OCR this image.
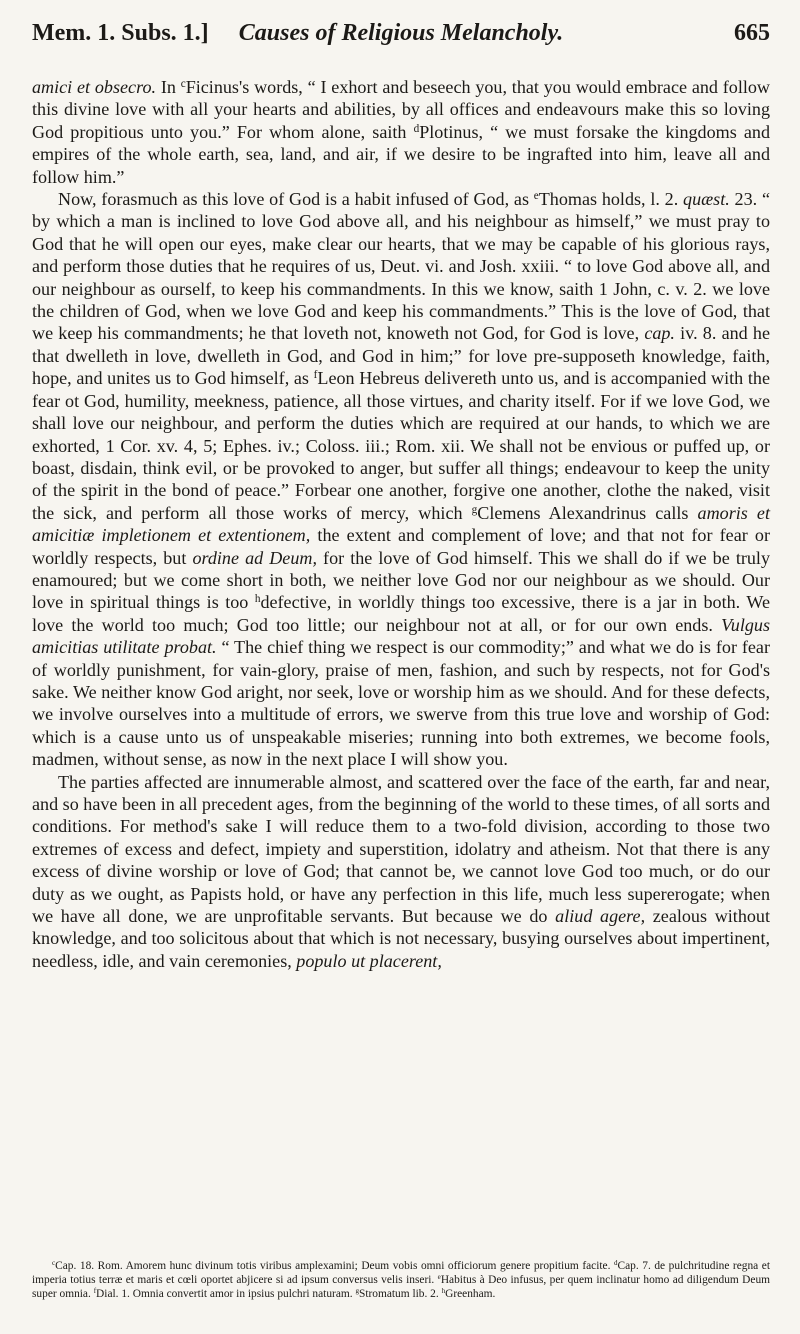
Mem. 1. Subs. 1.]	Causes of Religious Melancholy.	665

amici et obsecro. In $^c$Ficinus's words, “ I exhort and beseech you, that you would embrace and follow this divine love with all your hearts and abilities, by all offices and endeavours make this so loving God propitious unto you.” For whom alone, saith $^d$Plotinus, “ we must forsake the kingdoms and empires of the whole earth, sea, land, and air, if we desire to be ingrafted into him, leave all and follow him.”

Now, forasmuch as this love of God is a habit infused of God, as $^e$Thomas holds, l. 2. quæst. 23. “ by which a man is inclined to love God above all, and his neighbour as himself,” we must pray to God that he will open our eyes, make clear our hearts, that we may be capable of his glorious rays, and perform those duties that he requires of us, Deut. vi. and Josh. xxiii. “ to love God above all, and our neighbour as ourself, to keep his commandments. In this we know, saith 1 John, c. v. 2. we love the children of God, when we love God and keep his commandments.” This is the love of God, that we keep his commandments; he that loveth not, knoweth not God, for God is love, cap. iv. 8. and he that dwelleth in love, dwelleth in God, and God in him;” for love pre-supposeth knowledge, faith, hope, and unites us to God himself, as $^f$Leon Hebreus delivereth unto us, and is accompanied with the fear ot God, humility, meekness, patience, all those virtues, and charity itself. For if we love God, we shall love our neighbour, and perform the duties which are required at our hands, to which we are exhorted, 1 Cor. xv. 4, 5; Ephes. iv.; Coloss. iii.; Rom. xii. We shall not be envious or puffed up, or boast, disdain, think evil, or be provoked to anger, but suffer all things; endeavour to keep the unity of the spirit in the bond of peace.” Forbear one another, forgive one another, clothe the naked, visit the sick, and perform all those works of mercy, which $^g$Clemens Alexandrinus calls amoris et amicitiæ impletionem et extentionem, the extent and complement of love; and that not for fear or worldly respects, but ordine ad Deum, for the love of God himself. This we shall do if we be truly enamoured; but we come short in both, we neither love God nor our neighbour as we should. Our love in spiritual things is too $^h$defective, in worldly things too excessive, there is a jar in both. We love the world too much; God too little; our neighbour not at all, or for our own ends. Vulgus amicitias utilitate probat. “ The chief thing we respect is our commodity;” and what we do is for fear of worldly punishment, for vain-glory, praise of men, fashion, and such by respects, not for God's sake. We neither know God aright, nor seek, love or worship him as we should. And for these defects, we involve ourselves into a multitude of errors, we swerve from this true love and worship of God: which is a cause unto us of unspeakable miseries; running into both extremes, we become fools, madmen, without sense, as now in the next place I will show you.

The parties affected are innumerable almost, and scattered over the face of the earth, far and near, and so have been in all precedent ages, from the beginning of the world to these times, of all sorts and conditions. For method's sake I will reduce them to a two-fold division, according to those two extremes of excess and defect, impiety and superstition, idolatry and atheism. Not that there is any excess of divine worship or love of God; that cannot be, we cannot love God too much, or do our duty as we ought, as Papists hold, or have any perfection in this life, much less supererogate; when we have all done, we are unprofitable servants. But because we do aliud agere, zealous without knowledge, and too solicitous about that which is not necessary, busying ourselves about impertinent, needless, idle, and vain ceremonies, populo ut placerent,

$^c$Cap. 18. Rom. Amorem hunc divinum totis viribus amplexamini; Deum vobis omni officiorum genere propitium facite. $^d$Cap. 7. de pulchritudine regna et imperia totius terræ et maris et cœli oportet abjicere si ad ipsum conversus velis inseri. $^e$Habitus à Deo infusus, per quem inclinatur homo ad diligendum Deum super omnia. $^f$Dial. 1. Omnia convertit amor in ipsius pulchri naturam. $^g$Stromatum lib. 2. $^h$Greenham.
